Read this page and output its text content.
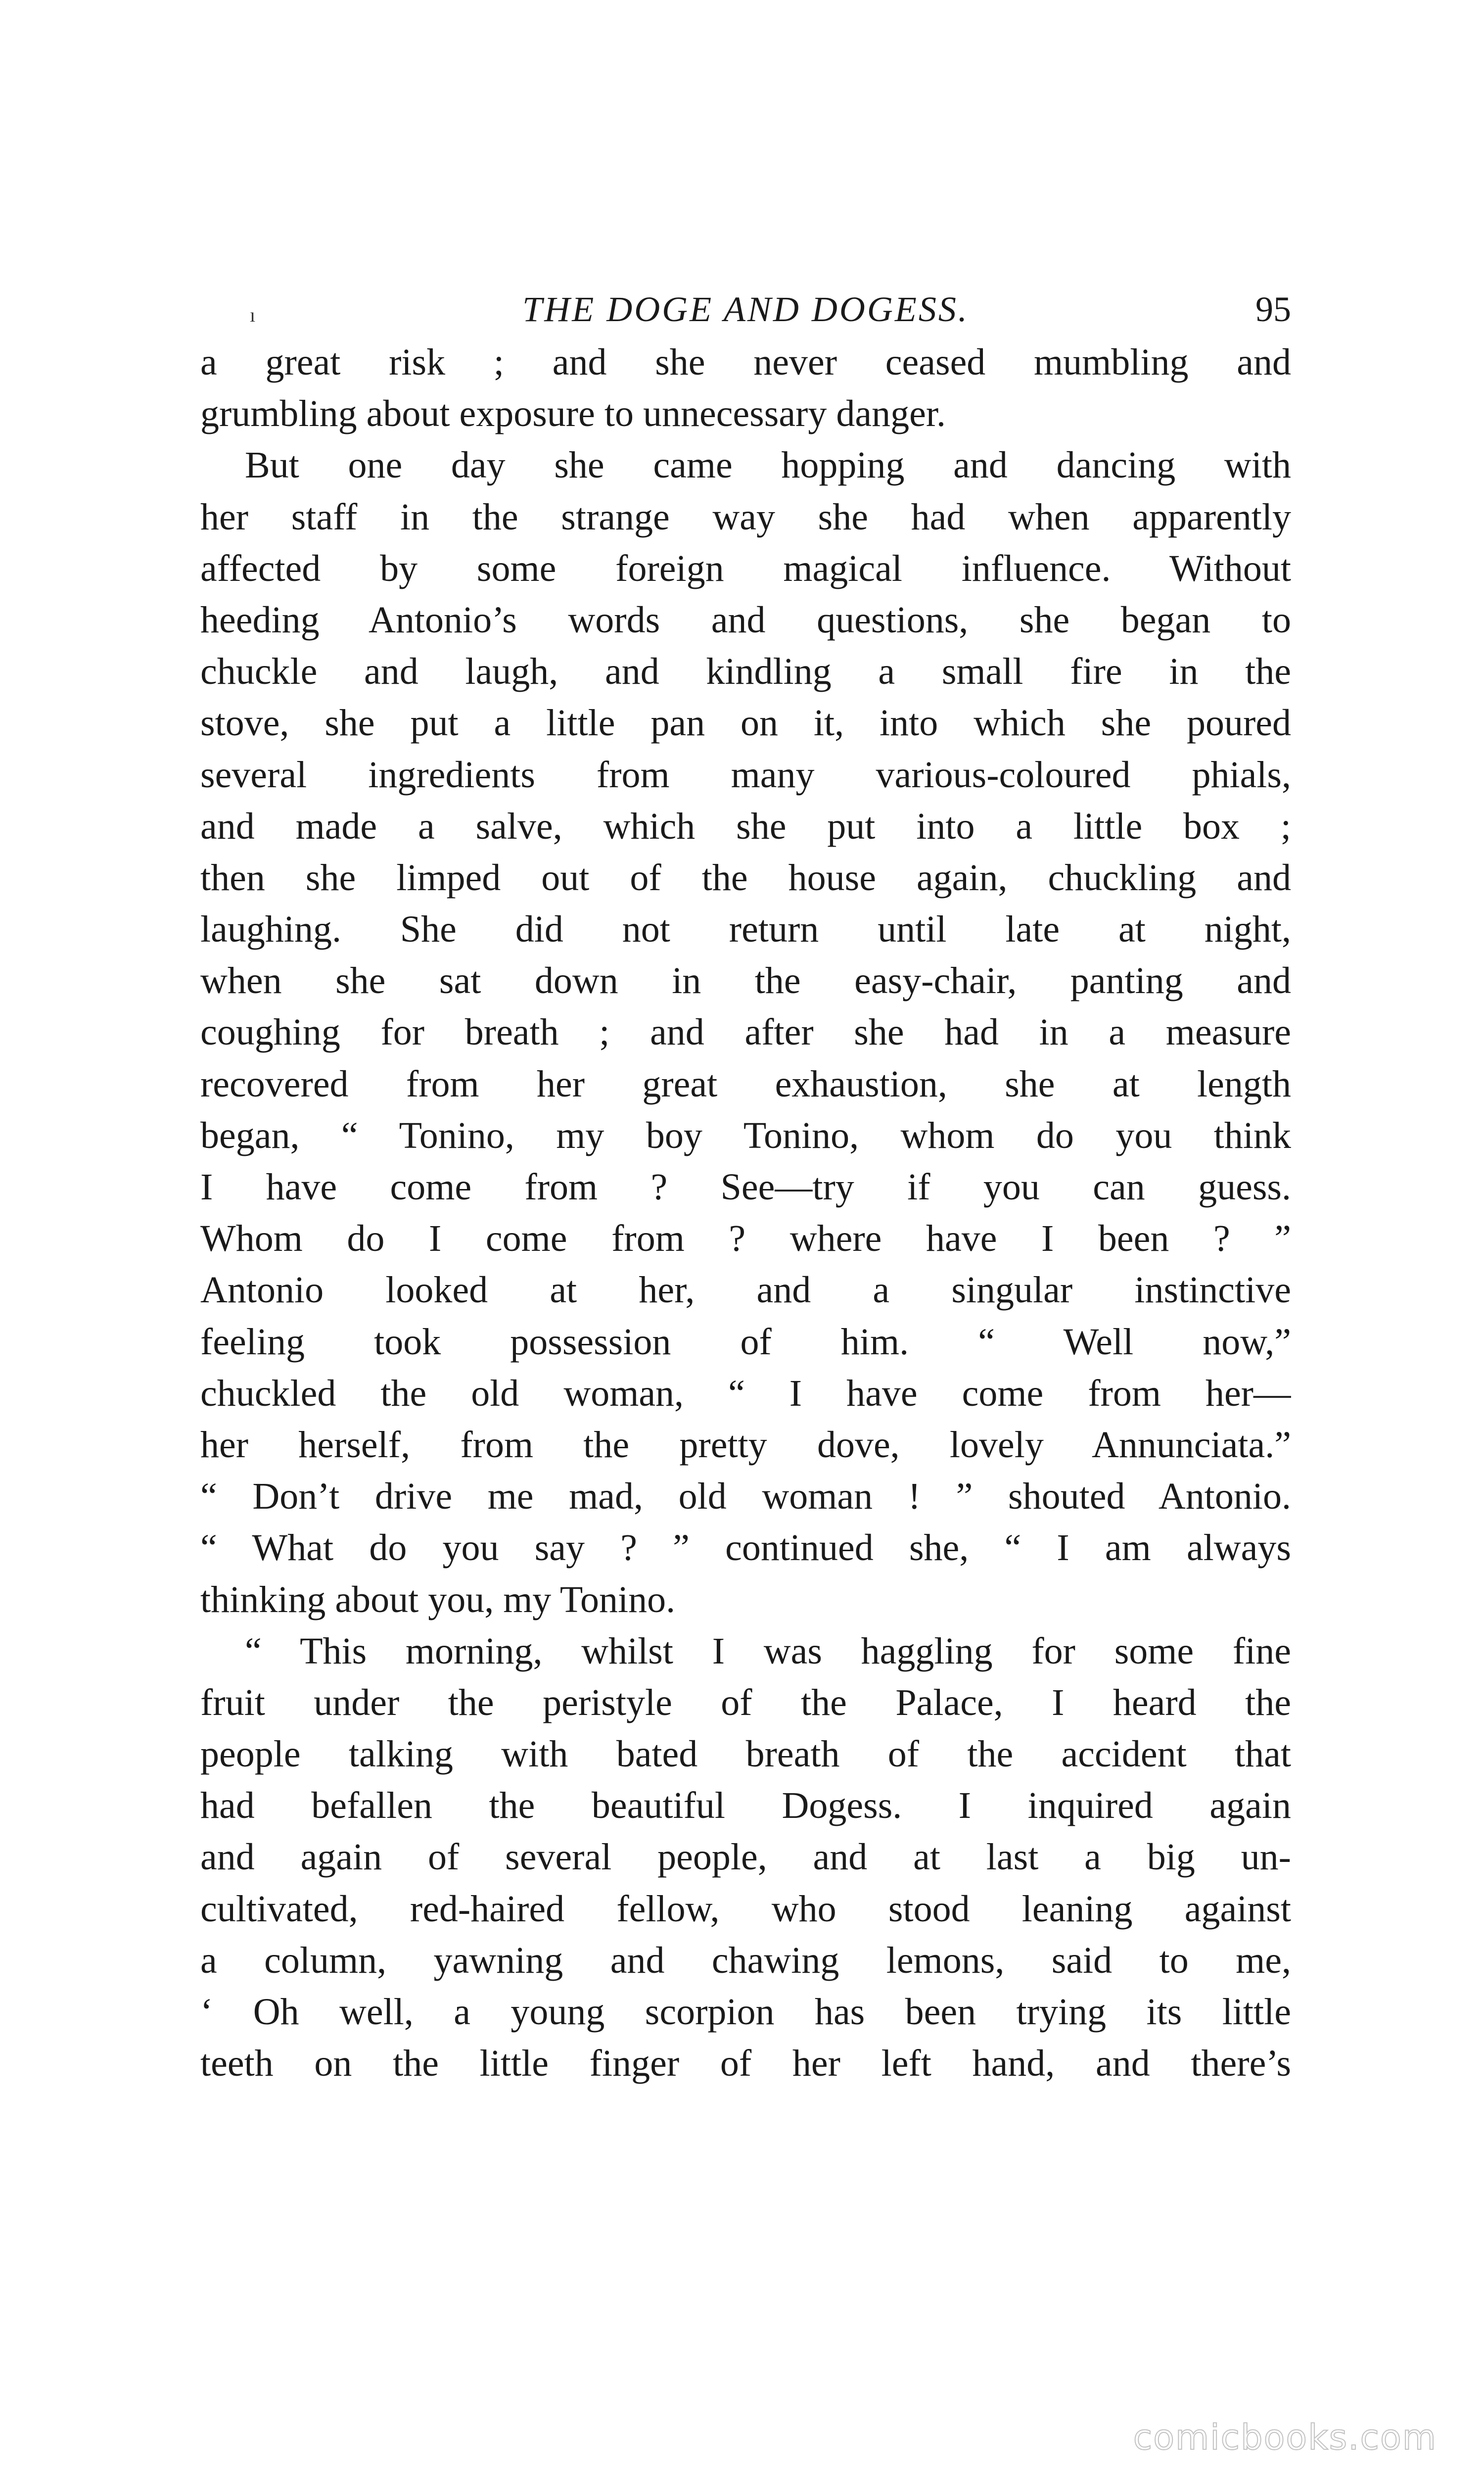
ı	THE DOGE AND DOGESS.	95
a great risk ; and she never ceased mumbling and
grumbling about exposure to unnecessary danger.
But one day she came hopping and dancing with
her staff in the strange way she had when apparently
affected by some foreign magical influence. Without
heeding Antonio’s words and questions, she began to
chuckle and laugh, and kindling a small fire in the
stove, she put a little pan on it, into which she poured
several ingredients from many various-coloured phials,
and made a salve, which she put into a little box ;
then she limped out of the house again, chuckling and
laughing. She did not return until late at night,
when she sat down in the easy-chair, panting and
coughing for breath ; and after she had in a measure
recovered from her great exhaustion, she at length
began, “ Tonino, my boy Tonino, whom do you think
I have come from ? See—try if you can guess.
Whom do I come from ? where have I been ? ”
Antonio looked at her, and a singular instinctive
feeling took possession of him. “ Well now,”
chuckled the old woman, “ I have come from her—
her herself, from the pretty dove, lovely Annunciata.”
“ Don’t drive me mad, old woman ! ” shouted Antonio.
“ What do you say ? ” continued she, “ I am always
thinking about you, my Tonino.
“ This morning, whilst I was haggling for some fine
fruit under the peristyle of the Palace, I heard the
people talking with bated breath of the accident that
had befallen the beautiful Dogess. I inquired again
and again of several people, and at last a big un-
cultivated, red-haired fellow, who stood leaning against
a column, yawning and chawing lemons, said to me,
‘ Oh well, a young scorpion has been trying its little
teeth on the little finger of her left hand, and there’s
comicbooks.com
